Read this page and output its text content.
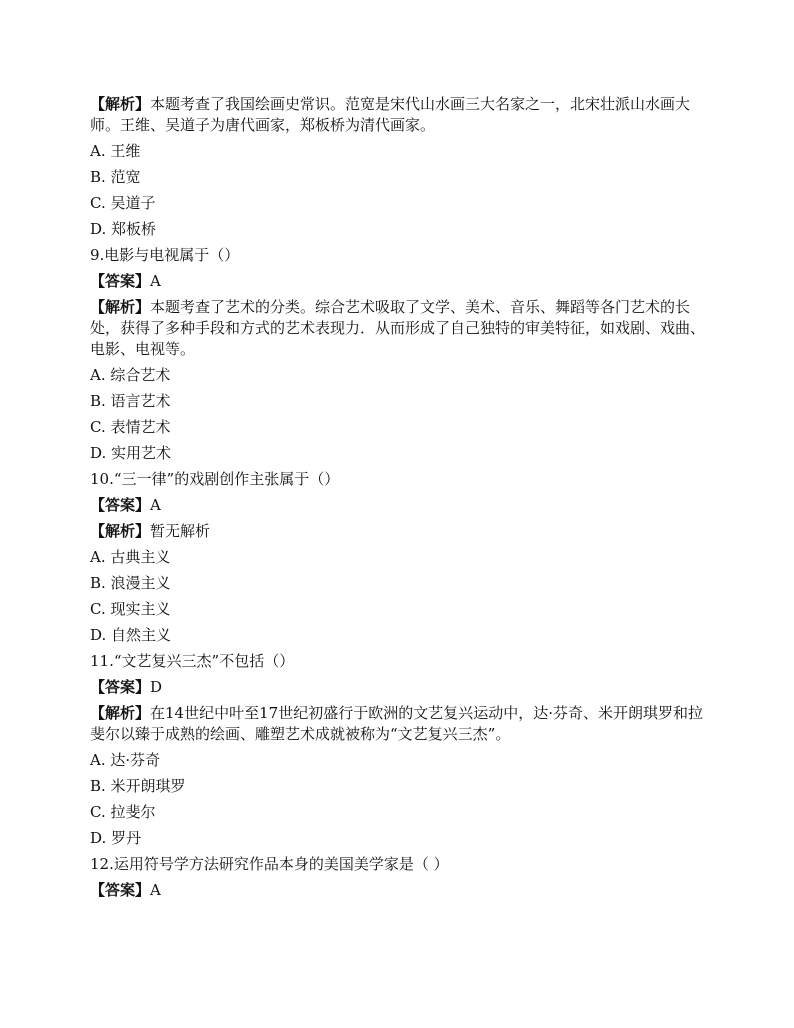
【解析】本题考查了我国绘画史常识。范宽是宋代山水画三大名家之一，北宋壮派山水画大师。王维、吴道子为唐代画家，郑板桥为清代画家。

A. 王维

B. 范宽

C. 吴道子

D. 郑板桥

9.电影与电视属于（）

【答案】A

【解析】本题考查了艺术的分类。综合艺术吸取了文学、美术、音乐、舞蹈等各门艺术的长处，获得了多种手段和方式的艺术表现力．从而形成了自己独特的审美特征，如戏剧、戏曲、电影、电视等。

A. 综合艺术

B. 语言艺术

C. 表情艺术

D. 实用艺术

10.“三一律”的戏剧创作主张属于（）

【答案】A

【解析】暂无解析

A. 古典主义

B. 浪漫主义

C. 现实主义

D. 自然主义

11.“文艺复兴三杰”不包括（）

【答案】D

【解析】在14世纪中叶至17世纪初盛行于欧洲的文艺复兴运动中，达·芬奇、米开朗琪罗和拉斐尔以臻于成熟的绘画、雕塑艺术成就被称为“文艺复兴三杰”。

A. 达·芬奇

B. 米开朗琪罗

C. 拉斐尔

D. 罗丹

12.运用符号学方法研究作品本身的美国美学家是（ ）

【答案】A
